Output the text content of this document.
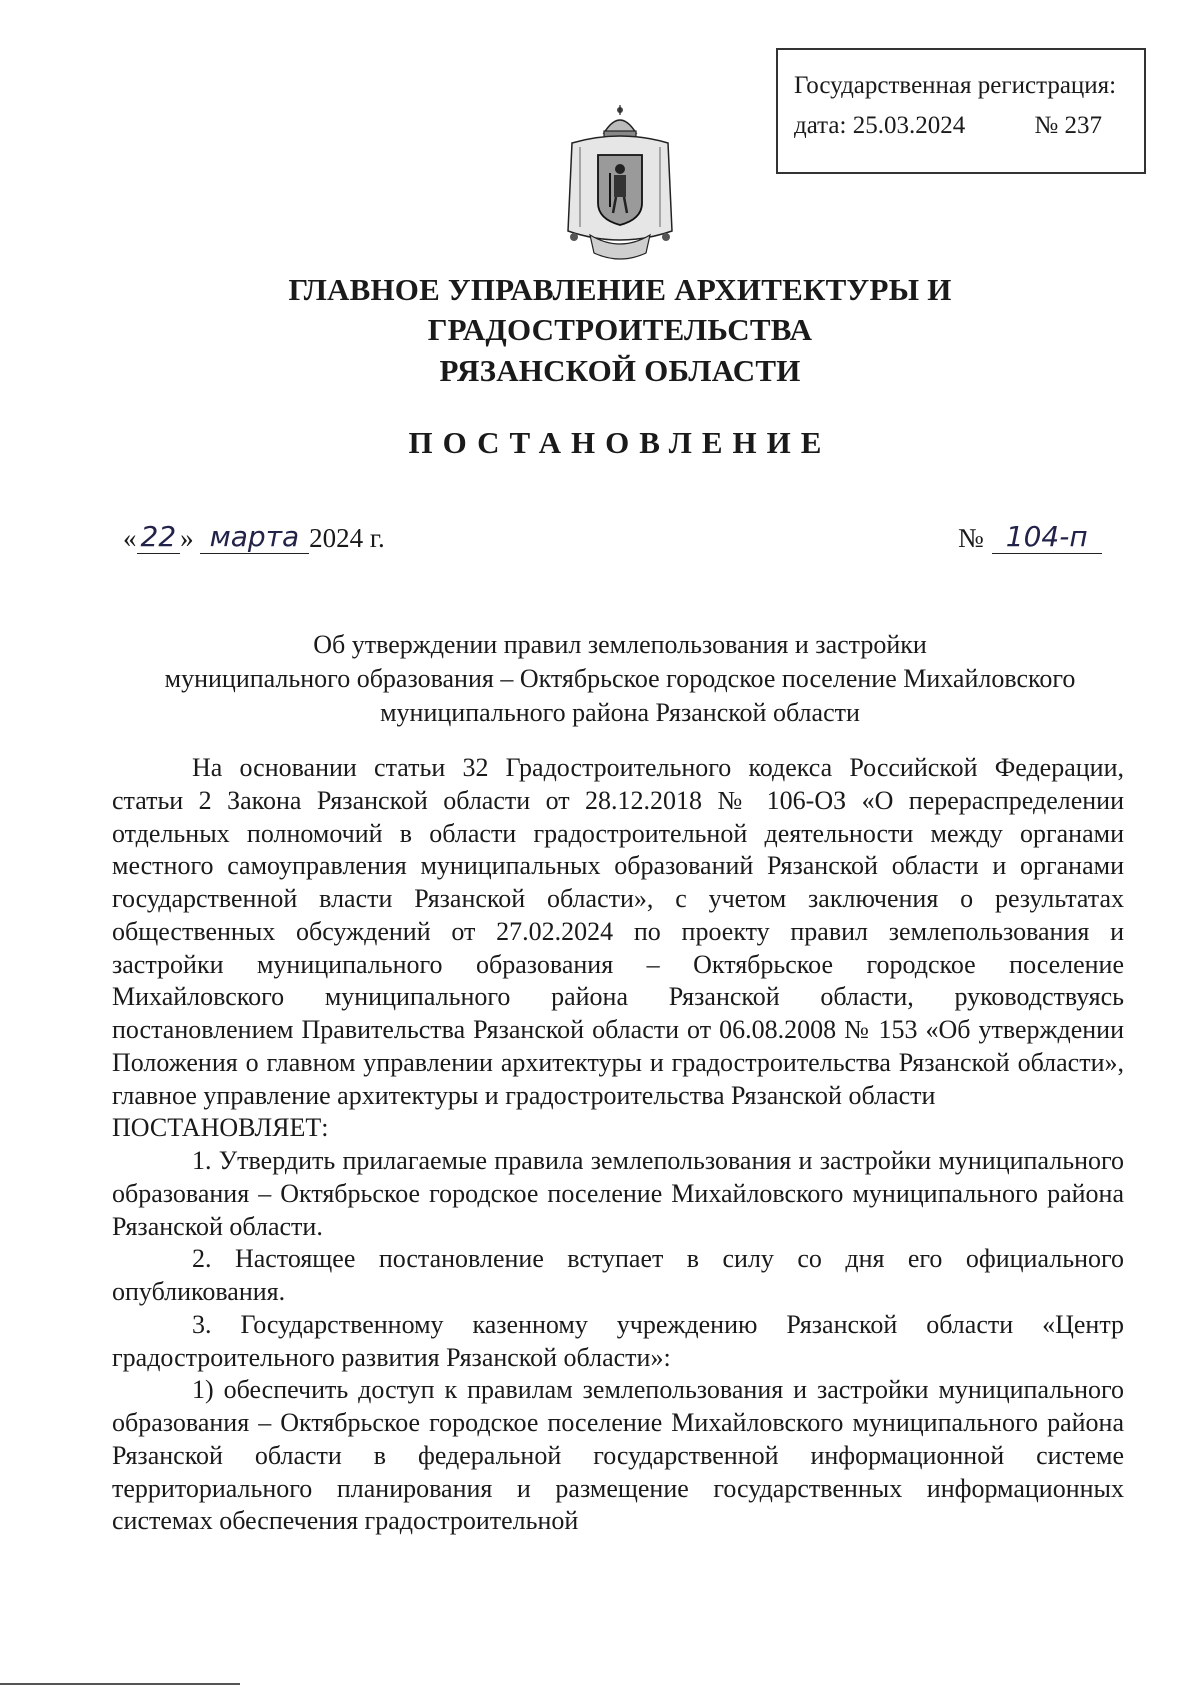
Государственная регистрация:
дата: 25.03.2024	№ 237
ГЛАВНОЕ УПРАВЛЕНИЕ АРХИТЕКТУРЫ И ГРАДОСТРОИТЕЛЬСТВА
РЯЗАНСКОЙ ОБЛАСТИ
ПОСТАНОВЛЕНИЕ
« 22 » марта 2024 г.	№ 104-п
Об утверждении правил землепользования и застройки
муниципального образования – Октябрьское городское поселение Михайловского
муниципального района Рязанской области

На основании статьи 32 Градостроительного кодекса Российской Федерации, статьи 2 Закона Рязанской области от 28.12.2018 № 106-ОЗ «О перераспределении отдельных полномочий в области градостроительной деятельности между органами местного самоуправления муниципальных образований Рязанской области и органами государственной власти Рязанской области», с учетом заключения о результатах общественных обсуждений от 27.02.2024 по проекту правил землепользования и застройки муниципального образования – Октябрьское городское поселение Михайловского муниципального района Рязанской области, руководствуясь постановлением Правительства Рязанской области от 06.08.2008 № 153 «Об утверждении Положения о главном управлении архитектуры и градостроительства Рязанской области», главное управление архитектуры и градостроительства Рязанской области

ПОСТАНОВЛЯЕТ:

1. Утвердить прилагаемые правила землепользования и застройки муниципального образования – Октябрьское городское поселение Михайловского муниципального района Рязанской области.

2. Настоящее постановление вступает в силу со дня его официального опубликования.

3. Государственному казенному учреждению Рязанской области «Центр градостроительного развития Рязанской области»:

1) обеспечить доступ к правилам землепользования и застройки муниципального образования – Октябрьское городское поселение Михайловского муниципального района Рязанской области в федеральной государственной информационной системе территориального планирования и размещение государственных информационных системах обеспечения градостроительной
